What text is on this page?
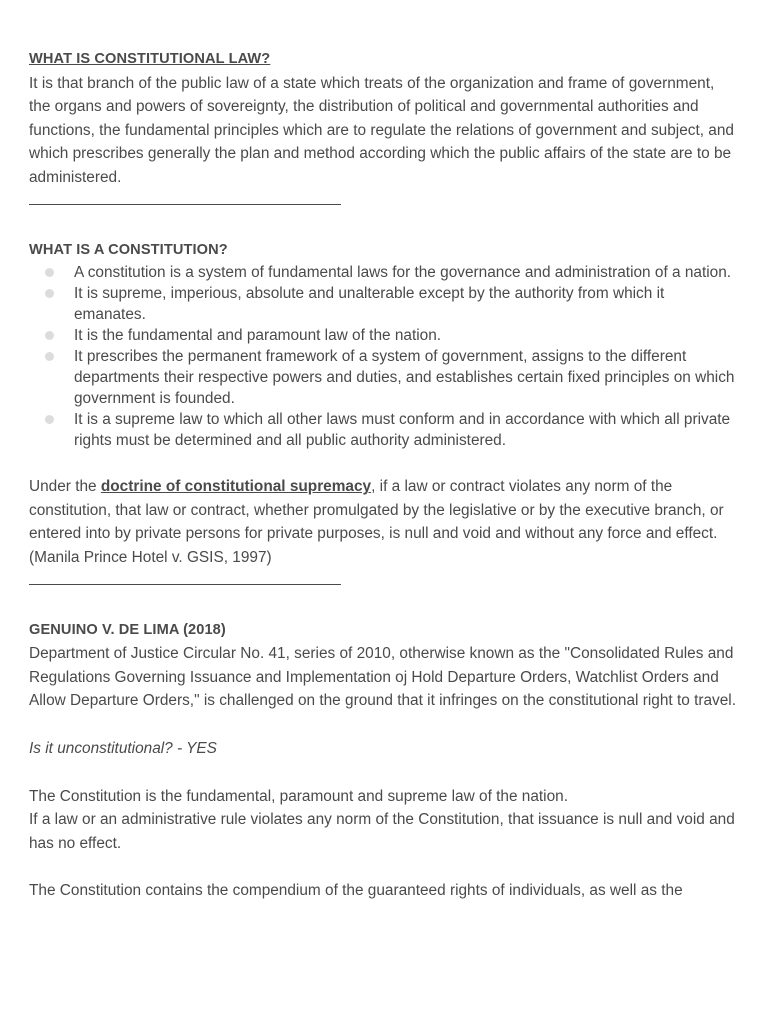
WHAT IS CONSTITUTIONAL LAW?

It is that branch of the public law of a state which treats of the organization and frame of government, the organs and powers of sovereignty, the distribution of political and governmental authorities and functions, the fundamental principles which are to regulate the relations of government and subject, and which prescribes generally the plan and method according which the public affairs of the state are to be administered.

WHAT IS A CONSTITUTION?
A constitution is a system of fundamental laws for the governance and administration of a nation.
It is supreme, imperious, absolute and unalterable except by the authority from which it emanates.
It is the fundamental and paramount law of the nation.
It prescribes the permanent framework of a system of government, assigns to the different departments their respective powers and duties, and establishes certain fixed principles on which government is founded.
It is a supreme law to which all other laws must conform and in accordance with which all private rights must be determined and all public authority administered.

Under the doctrine of constitutional supremacy, if a law or contract violates any norm of the constitution, that law or contract, whether promulgated by the legislative or by the executive branch, or entered into by private persons for private purposes, is null and void and without any force and effect. (Manila Prince Hotel v. GSIS, 1997)

GENUINO V. DE LIMA (2018)

Department of Justice Circular No. 41, series of 2010, otherwise known as the "Consolidated Rules and Regulations Governing Issuance and Implementation oj Hold Departure Orders, Watchlist Orders and Allow Departure Orders," is challenged on the ground that it infringes on the constitutional right to travel.

Is it unconstitutional? - YES

The Constitution is the fundamental, paramount and supreme law of the nation.

If a law or an administrative rule violates any norm of the Constitution, that issuance is null and void and has no effect.

The Constitution contains the compendium of the guaranteed rights of individuals, as well as the
